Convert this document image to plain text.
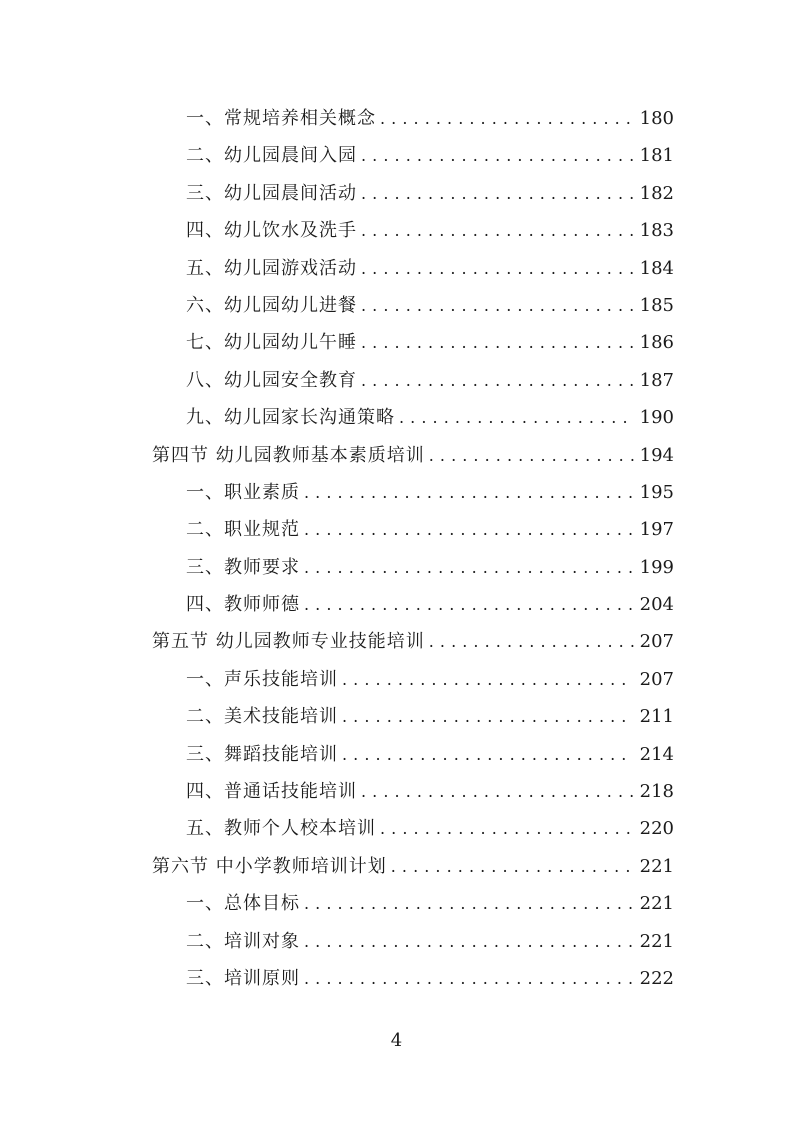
一、常规培养相关概念 . . .	180
二、幼儿园晨间入园 . . .	181
三、幼儿园晨间活动 . . .	182
四、幼儿饮水及洗手 . . .	183
五、幼儿园游戏活动 . . .	184
六、幼儿园幼儿进餐 . . .	185
七、幼儿园幼儿午睡 . . .	186
八、幼儿园安全教育 . . .	187
九、幼儿园家长沟通策略 . . .	190
第四节 幼儿园教师基本素质培训 . . .	194
一、职业素质 . . .	195
二、职业规范 . . .	197
三、教师要求 . . .	199
四、教师师德 . . .	204
第五节 幼儿园教师专业技能培训 . . .	207
一、声乐技能培训 . . .	207
二、美术技能培训 . . .	211
三、舞蹈技能培训 . . .	214
四、普通话技能培训 . . .	218
五、教师个人校本培训 . . .	220
第六节 中小学教师培训计划 . . .	221
一、总体目标 . . .	221
二、培训对象 . . .	221
三、培训原则 . . .	222
4
